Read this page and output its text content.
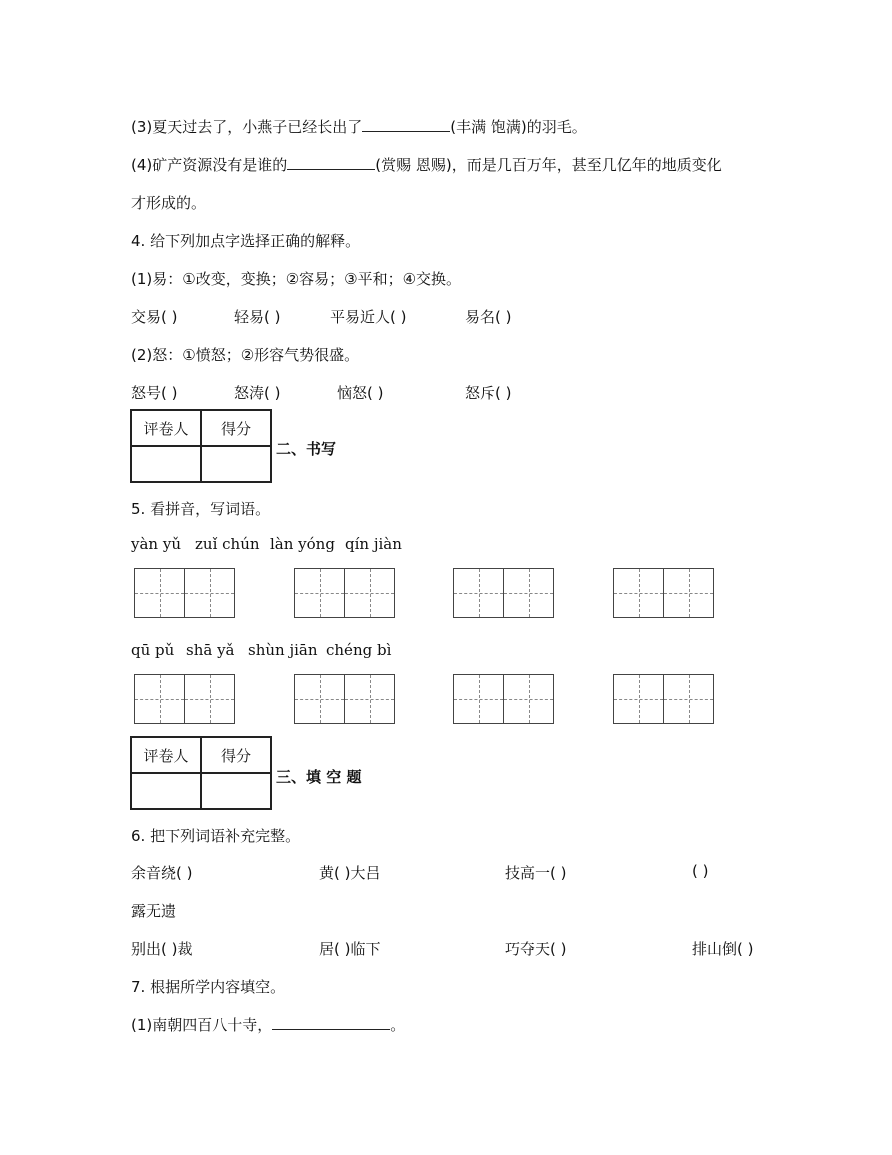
(3)夏天过去了，小燕子已经长出了	(丰满 饱满)的羽毛。
(4)矿产资源没有是谁的	(赏赐 恩赐)，而是几百万年，甚至几亿年的地质变化
才形成的。
4. 给下列加点字选择正确的解释。
(1)易：①改变，变换；②容易；③平和；④交换。
交易( )	轻易( )	平易近人( )	易名( )
(2)怒：①愤怒；②形容气势很盛。
怒号( )	怒涛( )	恼怒( )	怒斥( )
评卷人	得分

二、书写
5. 看拼音，写词语。
yàn yǔ zuǐ chún làn yóng qín jiàn
qū pǔ shā yǎ shùn jiān chéng bì
评卷人	得分

三、填 空 题
6. 把下列词语补充完整。
余音绕( )	黄( )大吕	技高一( )	( )
露无遗
别出( )裁	居( )临下	巧夺天( )	排山倒( )
7. 根据所学内容填空。
(1)南朝四百八十寺，	。
